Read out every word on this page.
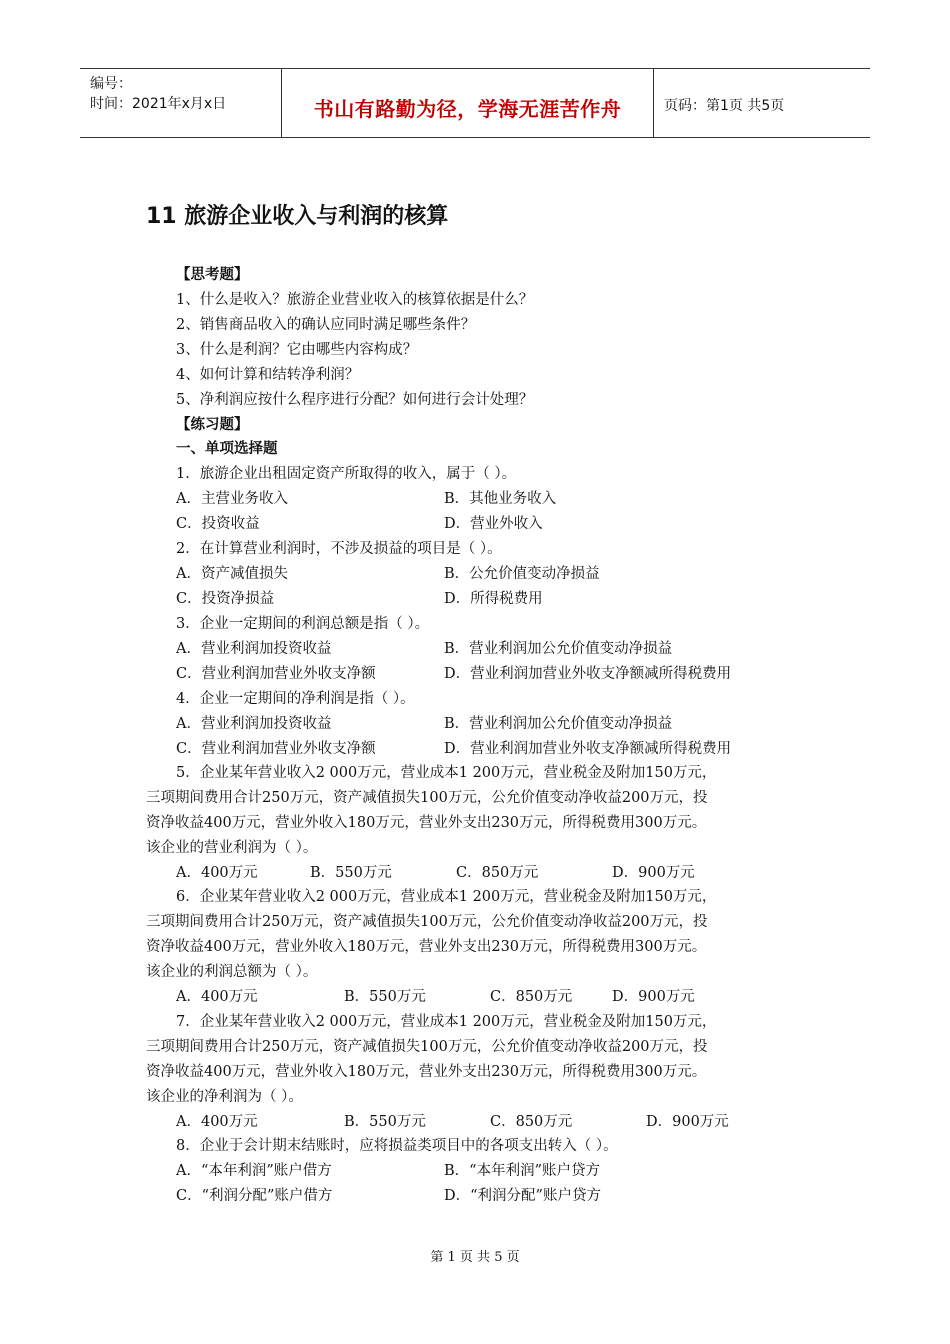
编号：
时间：2021年x月x日	书山有路勤为径，学海无涯苦作舟	页码：第1页 共5页
11 旅游企业收入与利润的核算
【思考题】
1、什么是收入？旅游企业营业收入的核算依据是什么？
2、销售商品收入的确认应同时满足哪些条件？
3、什么是利润？它由哪些内容构成？
4、如何计算和结转净利润？
5、净利润应按什么程序进行分配？如何进行会计处理？
【练习题】
一、单项选择题
1．旅游企业出租固定资产所取得的收入，属于（ ）。
A．主营业务收入	B．其他业务收入
C．投资收益	D．营业外收入
2．在计算营业利润时，不涉及损益的项目是（ ）。
A．资产减值损失	B．公允价值变动净损益
C．投资净损益	D．所得税费用
3．企业一定期间的利润总额是指（ ）。
A．营业利润加投资收益	B．营业利润加公允价值变动净损益
C．营业利润加营业外收支净额	D．营业利润加营业外收支净额减所得税费用
4．企业一定期间的净利润是指（ ）。
A．营业利润加投资收益	B．营业利润加公允价值变动净损益
C．营业利润加营业外收支净额	D．营业利润加营业外收支净额减所得税费用
5．企业某年营业收入2 000万元，营业成本1 200万元，营业税金及附加150万元，
三项期间费用合计250万元，资产减值损失100万元，公允价值变动净收益200万元，投
资净收益400万元，营业外收入180万元，营业外支出230万元，所得税费用300万元。
该企业的营业利润为（ ）。
A．400万元	B．550万元	C．850万元	D．900万元
6．企业某年营业收入2 000万元，营业成本1 200万元，营业税金及附加150万元，
三项期间费用合计250万元，资产减值损失100万元，公允价值变动净收益200万元，投
资净收益400万元，营业外收入180万元，营业外支出230万元，所得税费用300万元。
该企业的利润总额为（ ）。
A．400万元	B．550万元	C．850万元	D．900万元
7．企业某年营业收入2 000万元，营业成本1 200万元，营业税金及附加150万元，
三项期间费用合计250万元，资产减值损失100万元，公允价值变动净收益200万元，投
资净收益400万元，营业外收入180万元，营业外支出230万元，所得税费用300万元。
该企业的净利润为（ ）。
A．400万元	B．550万元	C．850万元	D．900万元
8．企业于会计期末结账时，应将损益类项目中的各项支出转入（ ）。
A．“本年利润”账户借方	B．“本年利润”账户贷方
C．“利润分配”账户借方	D．“利润分配”账户贷方
第 1 页 共 5 页
